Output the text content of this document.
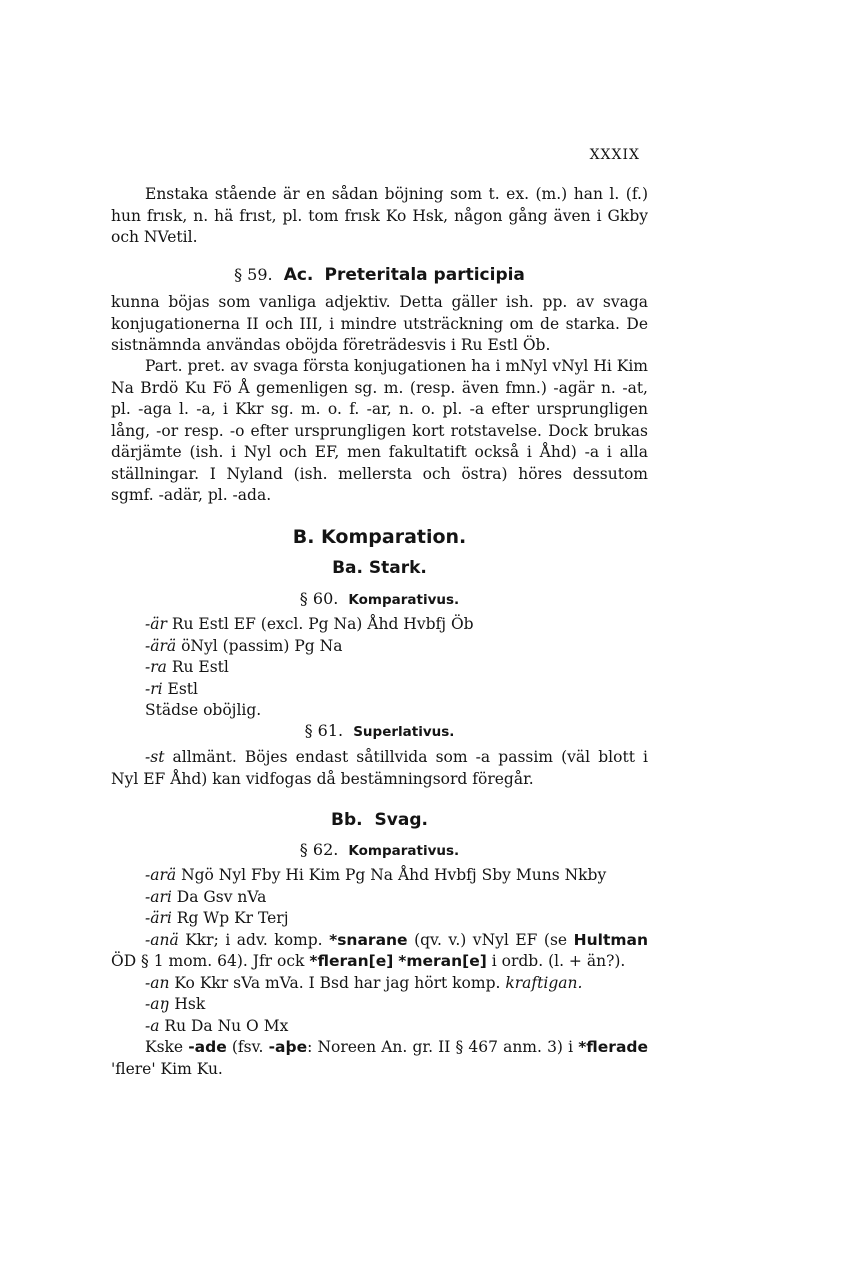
XXXIX
Enstaka stående är en sådan böjning som t. ex. (m.) han l. (f.) hun frısk, n. hä frıst, pl. tom frısk Ko Hsk, någon gång även i Gkby och NVetil.
§ 59. Ac. Preteritala participia
kunna böjas som vanliga adjektiv. Detta gäller ish. pp. av svaga konjugationerna II och III, i mindre utsträckning om de starka. De sistnämnda användas oböjda företrädesvis i Ru Estl Öb.
Part. pret. av svaga första konjugationen ha i mNyl vNyl Hi Kim Na Brdö Ku Fö Å gemenligen sg. m. (resp. även fmn.) -agär n. -at, pl. -aga l. -a, i Kkr sg. m. o. f. -ar, n. o. pl. -a efter ursprungligen lång, -or resp. -o efter ursprungligen kort rotstavelse. Dock brukas därjämte (ish. i Nyl och EF, men fakultatift också i Åhd) -a i alla ställningar. I Nyland (ish. mellersta och östra) höres dessutom sgmf. -adär, pl. -ada.
B. Komparation.
Ba. Stark.
§ 60. Komparativus.
-är Ru Estl EF (excl. Pg Na) Åhd Hvbfj Öb
-ärä öNyl (passim) Pg Na
-ra Ru Estl
-ri Estl
Städse oböjlig.
§ 61. Superlativus.
-st allmänt. Böjes endast såtillvida som -a passim (väl blott i Nyl EF Åhd) kan vidfogas då bestämningsord föregår.
Bb. Svag.
§ 62. Komparativus.
-arä Ngö Nyl Fby Hi Kim Pg Na Åhd Hvbfj Sby Muns Nkby
-ari Da Gsv nVa
-äri Rg Wp Kr Terj

-anä Kkr; i adv. komp. *snarane (qv. v.) vNyl EF (se Hultman ÖD § 1 mom. 64). Jfr ock *fleran[e] *meran[e] i ordb. (l. + än?).

-an Ko Kkr sVa mVa. I Bsd har jag hört komp. kraftigan.
-aŋ Hsk
-a Ru Da Nu O Mx

Kske -ade (fsv. -aþe: Noreen An. gr. II § 467 anm. 3) i *flerade 'flere' Kim Ku.
